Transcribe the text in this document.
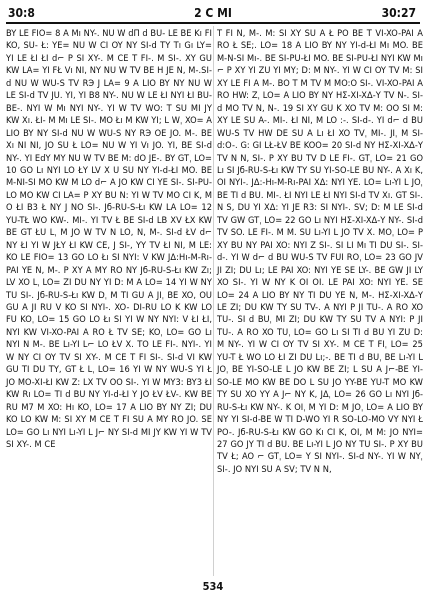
30:8	2 C MI	30:27

BY LE FIO= 8 A Mı NY-. NU W dП d BU- LE BE Kı FI KO, SU- Ł: YE= NU W CI OY NY SI-d TY Tı Gı LY= YI LE ŁI ŁI d⌐ P SI XY-. M CE T FI-. M SI-. XY GU KW LА= YI FŁ Vı NI, NY NU W TV BE H JE N, M-.SI-d NU W WU-S TV RЭ J LА= 9 A LIO BY NY NU W LE SI-d TV JU. YI, YI B8 NY-. NU W LE ŁI NYI ŁI BU- BE-. NYI W Mı NYI NY-. YI W TV WO: T SU MI JY KW Xı. ŁI- M Mı LE SI-. MO Łı M KW YI; L Wˌ XO= A LIO BY NY SI-d NU W WU-S NY RЭ OE JO. M-. BE Xı NI NI, JO SU Ł LO= NU W YI Vı JO. YI, BE SI-d NY-. YI EdY MY NU W TV BE M: dO JE-. BY GTˌ LO= 10 GO Lı NYI LO ŁY LV X U SU NY YI-d-ŁI MO. BE M-NI-SI MO KW M LO d⌐ A JO KW CI YE SI-. SI-PU-LO MO KW CI LА= P XY BU N: YI W TV MO CI K, M O ŁI B3 Ł NY J NO SI-. Jб-RU-S-Łı KW LА LO= 12 YU-TŁ WO KW-. MI-. YI TV Ł BE SI-d LB XV ŁX KW BE GT ŁU Lˌ M JO W TV N LO, N, M-. SI-d ŁV d⌐ NY ŁI YI W JŁY ŁI KW CE, J SI-, YY TV ŁI NI, M LE: KO LE FIO= 13 GO LO Łı SI NYI: V KW JΔ:Hı-M-Rı-PAI YE N, M-. P XY A MY RO NY Jб-RU-S-Łı KW Zı; LV XO Lˌ LO= ZI DU NY YI D: M A LO= 14 YI W NY TU SI-. Jб-RU-S-Łı KW Dˌ M TI GU A JIˌ BE XO, OU GU A JI RU V KO SI NYI-. XO- DI-RU LO K KW LO FU KOˌ LO= 15 GO LO Łı SI YI W NY NYI: V ŁI ŁI, NYI KW VI-XO-PAI A RO Ł TV SE; KOˌ LO= GO Lı NYI N M-. BE Lı-YI L⌐ LO ŁV X. TO LE FI-. NYI-. YI W NY CI OY TV SI XY-. M CE T FI SI-. SI-d VI KW GU TI DU TY, GT Ł Lˌ LO= 16 YI W NY WU-S YI Ł JO MO-XI-ŁI KW Z: LX TV OO SI-. YI W MY3: BY3 ŁI KW Rı LO= TI d BU NY YI-d-ŁI Y JO ŁV ŁV-. KW BE RU M7 M XO: Hı KOˌ LO= 17 A LIO BY NY ZI; DU KO LO KW M: SI XY M CE T FI SU A MY RO JO. SE LO= GO Lı NYI Lı-YI L J⌐ NY SI-d MI JY KW YI W TV SI XY-. M CE

T FI N, M-. M: SI XY SU A Ł PO BE T VI-XO-PAI A RO Ł SE;. LO= 18 A LIO BY NY YI-d-ŁI Mı MO. BE M-N-SI Mı-. BE SI-PU-ŁI MO. BE SI-PU-ŁI NYI KW Mı ⌐ P XY YI ZU YI MY; D: M NY-. YI W CI OY TV M: SI XY LE FI A M-. BO T M TV M MO:O SI-. VI-XO-PAI A RO HW: Zˌ LO= A LIO BY NY HΣ-XI-XΔ-Y TV N-. SI-d MO TV N, N-. 19 SI XY GU K XO TV M: OO SI M: XY LE SU A-. MI-. ŁI NI, M LO :-. SI-d-. YI d⌐ d BU WU-S TV HW DE SU A Lı ŁI XO TVˌ MI-. JIˌ M SI-d:O-. G: GI LŁ-ŁV BE KOO= 20 SI-d NY HΣ-XI-XΔ-Y TV N N, SI-. P XY BU TV D LE FI-. GTˌ LO= 21 GO Lı SI Jб-RU-S-Łı KW TY SU YI-SO-LE BU NY-. A Xı K, OI NYI-. JΔ:-Hı-M-Rı-PAI XΔ: NYI YE. LO= Lı-YI L JOˌ BE TI d BU. MI-. ŁI NYI LE ŁI NYI SI-d TV Xı. GT SI-. N S, DU YI XΔ: YI JE R3: SI NYI-. SV; D: M LE SI-d TV GW GTˌ LO= 22 GO Lı NYI HΣ-XI-XΔ-Y NY-. SI-d TV SO. LE FI-. M M. SU Lı-YI L JO TV X. MOˌ LO= P XY BU NY PAI XO: NYI Z SI-. SI LI Mı TI DU SI-. SI-d-. YI W d⌐ d BU WU-S TV FUI ROˌ LO= 23 GO JV JI ZI; DU Lı; LE PAI XO: NYI YE SE LY-. BE GW JI LY XO SI-. YI W NY K OI OI. LE PAI XO: NYI YE. SE LO= 24 A LIO BY NY TI DU YE N, M-. HΣ-XI-XΔ-Y LE ZI; DU KW TY SU TV-. A NYI P JI TU-. A RO XO TU-. SI d BUˌ MI ZI; DU KW TY SU TV A NYI: P JI TU-. A RO XO TUˌ LO= GO Lı SI TI d BU YI ZU D: M NY-. YI W CI OY TV SI XY-. M CE T FIˌ LO= 25 YU-T Ł WO LO ŁI ZI DU Lı;-. BE TI d BUˌ BE Lı-YI L JOˌ BE YI-SO-LE L JO KW BE ZI; L SU A J⌐-BE YI-SO-LE MO KW BE DO L SU JO YY-BE YU-T MO KW TY SU XO YY A J⌐ NY K, JΔˌ LO= 26 GO Lı NYI Jб-RU-S-Łı KW NY-. K OIˌ M YI D: M JOˌ LO= A LIO BY NY YI SI-d-BE W TI D-WO YI R SO-LO-MO VY NYI Ł PO-. Jб-RU-S-Łı KW GO Kı CI K, OI, M M: JO NYI= 27 GO JY TI d BU. BE Lı-YI L JO NY TU SI-. P XY BU TV Ł; AO ⌐ GTˌ LO= Y SI NYI-. SI-d NY-. YI W NYˌ SI-. JO NYI SU A SV; TV N N,

534
